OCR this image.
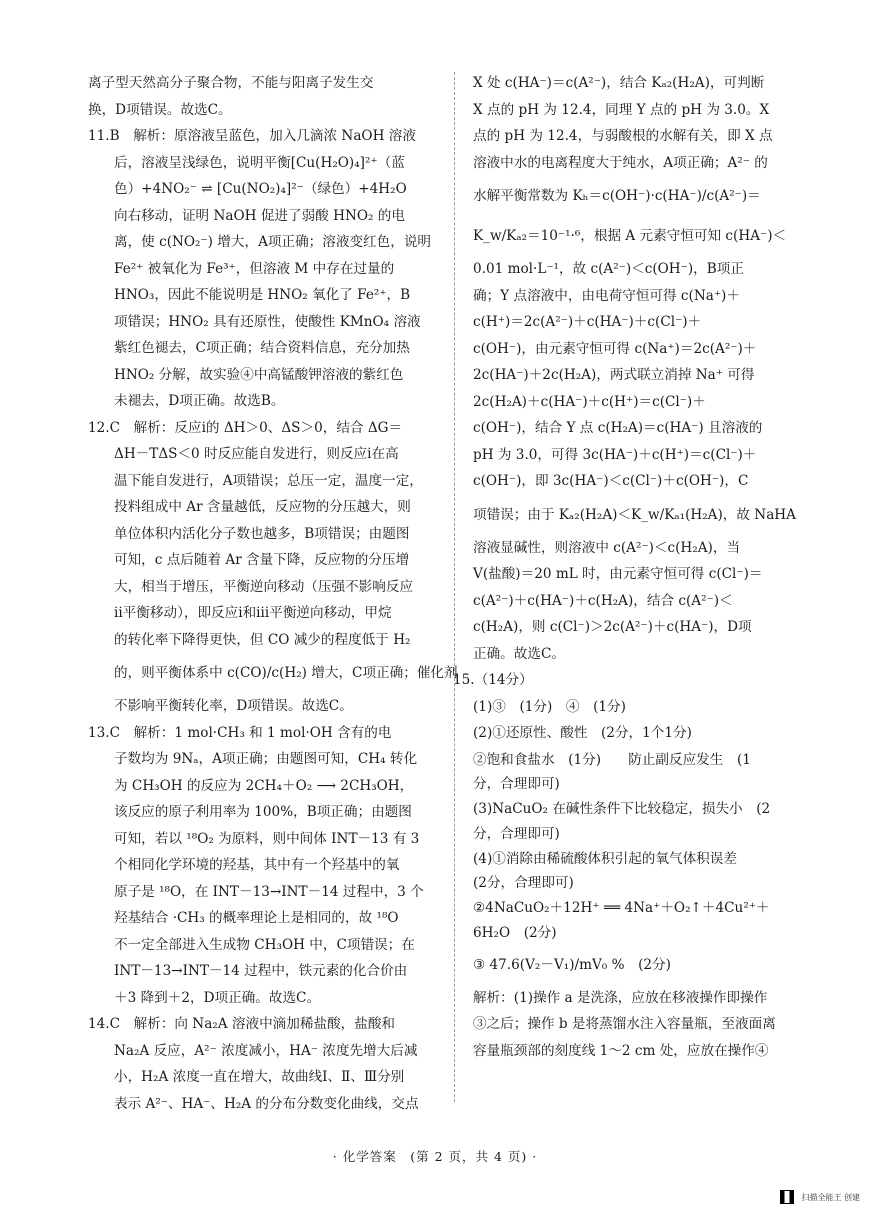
离子型天然高分子聚合物，不能与阳离子发生交
换，D项错误。故选C。
11.B　解析：原溶液呈蓝色，加入几滴浓 NaOH 溶液
后，溶液呈浅绿色，说明平衡[Cu(H₂O)₄]²⁺（蓝
色）+4NO₂⁻ ⇌ [Cu(NO₂)₄]²⁻（绿色）+4H₂O
向右移动，证明 NaOH 促进了弱酸 HNO₂ 的电
离，使 c(NO₂⁻) 增大，A项正确；溶液变红色，说明
Fe²⁺ 被氧化为 Fe³⁺，但溶液 M 中存在过量的
HNO₃，因此不能说明是 HNO₂ 氧化了 Fe²⁺，B
项错误；HNO₂ 具有还原性，使酸性 KMnO₄ 溶液
紫红色褪去，C项正确；结合资料信息，充分加热
HNO₂ 分解，故实验④中高锰酸钾溶液的紫红色
未褪去，D项正确。故选B。
12.C　解析：反应ⅰ的 ΔH＞0、ΔS＞0，结合 ΔG＝
ΔH－TΔS＜0 时反应能自发进行，则反应ⅰ在高
温下能自发进行，A项错误；总压一定，温度一定，
投料组成中 Ar 含量越低，反应物的分压越大，则
单位体积内活化分子数也越多，B项错误；由题图
可知，c 点后随着 Ar 含量下降，反应物的分压增
大，相当于增压，平衡逆向移动（压强不影响反应
ⅱ平衡移动），即反应ⅰ和ⅲ平衡逆向移动，甲烷
的转化率下降得更快，但 CO 减少的程度低于 H₂
的，则平衡体系中 c(CO)/c(H₂) 增大，C项正确；催化剂
不影响平衡转化率，D项错误。故选C。
13.C　解析：1 mol·CH₃ 和 1 mol·OH 含有的电
子数均为 9Nₐ，A项正确；由题图可知，CH₄ 转化
为 CH₃OH 的反应为 2CH₄＋O₂ ⟶ 2CH₃OH，
该反应的原子利用率为 100%，B项正确；由题图
可知，若以 ¹⁸O₂ 为原料，则中间体 INT－13 有 3
个相同化学环境的羟基，其中有一个羟基中的氧
原子是 ¹⁸O，在 INT－13→INT－14 过程中，3 个
羟基结合 ·CH₃ 的概率理论上是相同的，故 ¹⁸O
不一定全部进入生成物 CH₃OH 中，C项错误；在
INT－13→INT－14 过程中，铁元素的化合价由
＋3 降到＋2，D项正确。故选C。
14.C　解析：向 Na₂A 溶液中滴加稀盐酸，盐酸和
Na₂A 反应，A²⁻ 浓度减小，HA⁻ 浓度先增大后减
小，H₂A 浓度一直在增大，故曲线Ⅰ、Ⅱ、Ⅲ分别
表示 A²⁻、HA⁻、H₂A 的分布分数变化曲线，交点
X 处 c(HA⁻)＝c(A²⁻)，结合 Kₐ₂(H₂A)，可判断
X 点的 pH 为 12.4，同理 Y 点的 pH 为 3.0。X
点的 pH 为 12.4，与弱酸根的水解有关，即 X 点
溶液中水的电离程度大于纯水，A项正确；A²⁻ 的
水解平衡常数为 Kₕ＝c(OH⁻)·c(HA⁻)/c(A²⁻)＝
K_w/Kₐ₂＝10⁻¹·⁶，根据 A 元素守恒可知 c(HA⁻)＜
0.01 mol·L⁻¹，故 c(A²⁻)＜c(OH⁻)，B项正
确；Y 点溶液中，由电荷守恒可得 c(Na⁺)＋
c(H⁺)＝2c(A²⁻)＋c(HA⁻)＋c(Cl⁻)＋
c(OH⁻)，由元素守恒可得 c(Na⁺)＝2c(A²⁻)＋
2c(HA⁻)＋2c(H₂A)，两式联立消掉 Na⁺ 可得
2c(H₂A)＋c(HA⁻)＋c(H⁺)＝c(Cl⁻)＋
c(OH⁻)，结合 Y 点 c(H₂A)＝c(HA⁻) 且溶液的
pH 为 3.0，可得 3c(HA⁻)＋c(H⁺)＝c(Cl⁻)＋
c(OH⁻)，即 3c(HA⁻)＜c(Cl⁻)＋c(OH⁻)，C
项错误；由于 Kₐ₂(H₂A)＜K_w/Kₐ₁(H₂A)，故 NaHA
溶液显碱性，则溶液中 c(A²⁻)＜c(H₂A)，当
V(盐酸)＝20 mL 时，由元素守恒可得 c(Cl⁻)＝
c(A²⁻)＋c(HA⁻)＋c(H₂A)，结合 c(A²⁻)＜
c(H₂A)，则 c(Cl⁻)＞2c(A²⁻)＋c(HA⁻)，D项
正确。故选C。
15.（14分）
(1)③　(1分)　④　(1分)
(2)①还原性、酸性　(2分，1个1分)
②饱和食盐水　(1分)　　防止副反应发生　(1
分，合理即可)
(3)NaCuO₂ 在碱性条件下比较稳定，损失小　(2
分，合理即可)
(4)①消除由稀硫酸体积引起的氧气体积误差
(2分，合理即可)
②4NaCuO₂＋12H⁺ ══ 4Na⁺＋O₂↑＋4Cu²⁺＋
6H₂O　(2分)
③ 47.6(V₂－V₁)/mV₀ %　(2分)
解析：(1)操作 a 是洗涤，应放在移液操作即操作
③之后；操作 b 是将蒸馏水注入容量瓶，至液面离
容量瓶颈部的刻度线 1～2 cm 处，应放在操作④
· 化学答案　(第 2 页，共 4 页) ·
扫描全能王 创建
